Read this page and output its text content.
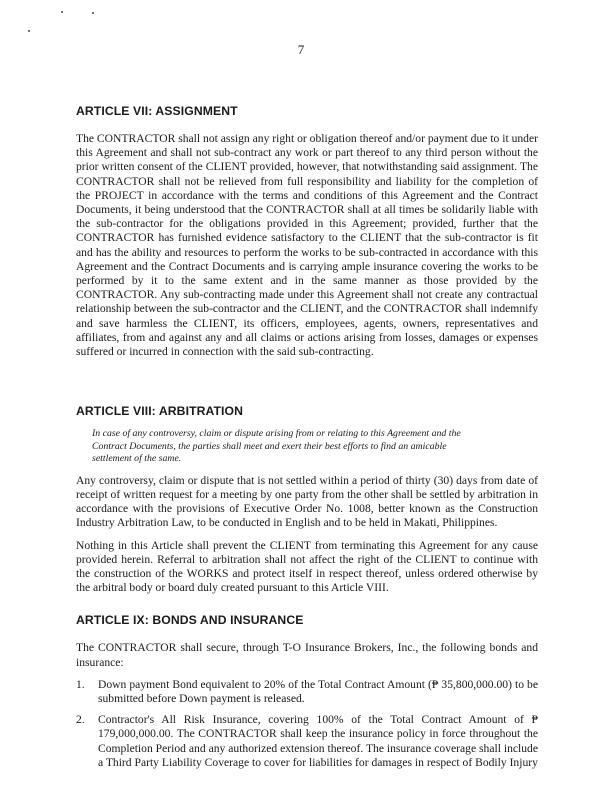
7
ARTICLE VII: ASSIGNMENT

The CONTRACTOR shall not assign any right or obligation thereof and/or payment due to it under this Agreement and shall not sub-contract any work or part thereof to any third person without the prior written consent of the CLIENT provided, however, that notwithstanding said assignment. The CONTRACTOR shall not be relieved from full responsibility and liability for the completion of the PROJECT in accordance with the terms and conditions of this Agreement and the Contract Documents, it being understood that the CONTRACTOR shall at all times be solidarily liable with the sub-contractor for the obligations provided in this Agreement; provided, further that the CONTRACTOR has furnished evidence satisfactory to the CLIENT that the sub-contractor is fit and has the ability and resources to perform the works to be sub-contracted in accordance with this Agreement and the Contract Documents and is carrying ample insurance covering the works to be performed by it to the same extent and in the same manner as those provided by the CONTRACTOR. Any sub-contracting made under this Agreement shall not create any contractual relationship between the sub-contractor and the CLIENT, and the CONTRACTOR shall indemnify and save harmless the CLIENT, its officers, employees, agents, owners, representatives and affiliates, from and against any and all claims or actions arising from losses, damages or expenses suffered or incurred in connection with the said sub-contracting.

ARTICLE VIII: ARBITRATION

In case of any controversy, claim or dispute arising from or relating to this Agreement and the Contract Documents, the parties shall meet and exert their best efforts to find an amicable settlement of the same.

Any controversy, claim or dispute that is not settled within a period of thirty (30) days from date of receipt of written request for a meeting by one party from the other shall be settled by arbitration in accordance with the provisions of Executive Order No. 1008, better known as the Construction Industry Arbitration Law, to be conducted in English and to be held in Makati, Philippines.

Nothing in this Article shall prevent the CLIENT from terminating this Agreement for any cause provided herein. Referral to arbitration shall not affect the right of the CLIENT to continue with the construction of the WORKS and protect itself in respect thereof, unless ordered otherwise by the arbitral body or board duly created pursuant to this Article VIII.

ARTICLE IX: BONDS AND INSURANCE

The CONTRACTOR shall secure, through T-O Insurance Brokers, Inc., the following bonds and insurance:

1.	Down payment Bond equivalent to 20% of the Total Contract Amount (₱ 35,800,000.00) to be submitted before Down payment is released.
2.	Contractor's All Risk Insurance, covering 100% of the Total Contract Amount of ₱ 179,000,000.00. The CONTRACTOR shall keep the insurance policy in force throughout the Completion Period and any authorized extension thereof. The insurance coverage shall include a Third Party Liability Coverage to cover for liabilities for damages in respect of Bodily Injury
